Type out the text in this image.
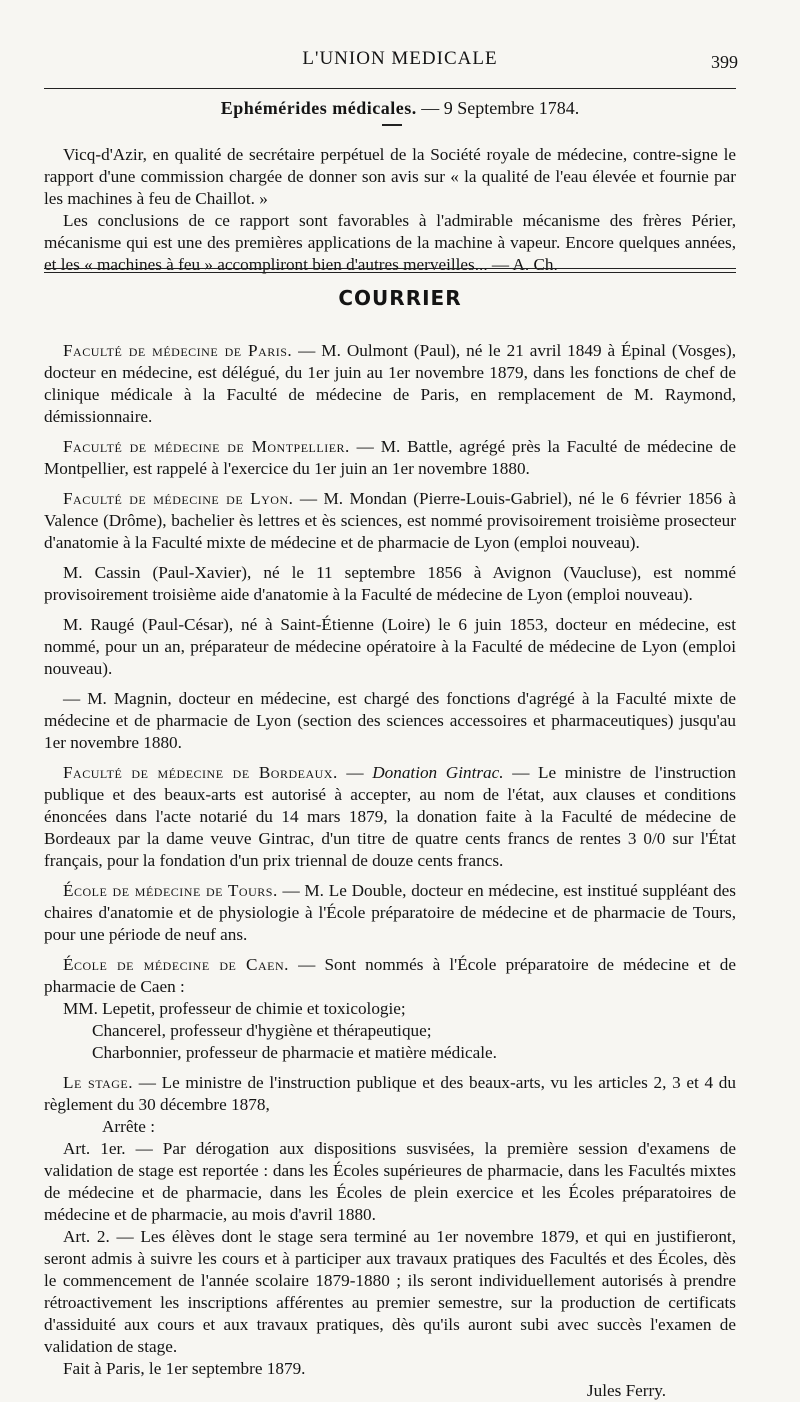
L'UNION MEDICALE	399
Ephémérides médicales. — 9 Septembre 1784.

Vicq-d'Azir, en qualité de secrétaire perpétuel de la Société royale de médecine, contre-signe le rapport d'une commission chargée de donner son avis sur « la qualité de l'eau élevée et fournie par les machines à feu de Chaillot. »

Les conclusions de ce rapport sont favorables à l'admirable mécanisme des frères Périer, mécanisme qui est une des premières applications de la machine à vapeur. Encore quelques années, et les « machines à feu » accompliront bien d'autres merveilles... — A. Ch.

COURRIER

Faculté de médecine de Paris. — M. Oulmont (Paul), né le 21 avril 1849 à Épinal (Vosges), docteur en médecine, est délégué, du 1er juin au 1er novembre 1879, dans les fonctions de chef de clinique médicale à la Faculté de médecine de Paris, en remplacement de M. Raymond, démissionnaire.

Faculté de médecine de Montpellier. — M. Battle, agrégé près la Faculté de médecine de Montpellier, est rappelé à l'exercice du 1er juin an 1er novembre 1880.

Faculté de médecine de Lyon. — M. Mondan (Pierre-Louis-Gabriel), né le 6 février 1856 à Valence (Drôme), bachelier ès lettres et ès sciences, est nommé provisoirement troisième prosecteur d'anatomie à la Faculté mixte de médecine et de pharmacie de Lyon (emploi nouveau).

M. Cassin (Paul-Xavier), né le 11 septembre 1856 à Avignon (Vaucluse), est nommé provisoirement troisième aide d'anatomie à la Faculté de médecine de Lyon (emploi nouveau).

M. Raugé (Paul-César), né à Saint-Étienne (Loire) le 6 juin 1853, docteur en médecine, est nommé, pour un an, préparateur de médecine opératoire à la Faculté de médecine de Lyon (emploi nouveau).

— M. Magnin, docteur en médecine, est chargé des fonctions d'agrégé à la Faculté mixte de médecine et de pharmacie de Lyon (section des sciences accessoires et pharmaceutiques) jusqu'au 1er novembre 1880.

Faculté de médecine de Bordeaux. — Donation Gintrac. — Le ministre de l'instruction publique et des beaux-arts est autorisé à accepter, au nom de l'état, aux clauses et conditions énoncées dans l'acte notarié du 14 mars 1879, la donation faite à la Faculté de médecine de Bordeaux par la dame veuve Gintrac, d'un titre de quatre cents francs de rentes 3 0/0 sur l'État français, pour la fondation d'un prix triennal de douze cents francs.

École de médecine de Tours. — M. Le Double, docteur en médecine, est institué suppléant des chaires d'anatomie et de physiologie à l'École préparatoire de médecine et de pharmacie de Tours, pour une période de neuf ans.

École de médecine de Caen. — Sont nommés à l'École préparatoire de médecine et de pharmacie de Caen :

MM. Lepetit, professeur de chimie et toxicologie;

Chancerel, professeur d'hygiène et thérapeutique;

Charbonnier, professeur de pharmacie et matière médicale.

Le stage. — Le ministre de l'instruction publique et des beaux-arts, vu les articles 2, 3 et 4 du règlement du 30 décembre 1878,

Arrête :

Art. 1er. — Par dérogation aux dispositions susvisées, la première session d'examens de validation de stage est reportée : dans les Écoles supérieures de pharmacie, dans les Facultés mixtes de médecine et de pharmacie, dans les Écoles de plein exercice et les Écoles préparatoires de médecine et de pharmacie, au mois d'avril 1880.

Art. 2. — Les élèves dont le stage sera terminé au 1er novembre 1879, et qui en justifieront, seront admis à suivre les cours et à participer aux travaux pratiques des Facultés et des Écoles, dès le commencement de l'année scolaire 1879-1880 ; ils seront individuellement autorisés à prendre rétroactivement les inscriptions afférentes au premier semestre, sur la production de certificats d'assiduité aux cours et aux travaux pratiques, dès qu'ils auront subi avec succès l'examen de validation de stage.

Fait à Paris, le 1er septembre 1879.

Jules Ferry.
